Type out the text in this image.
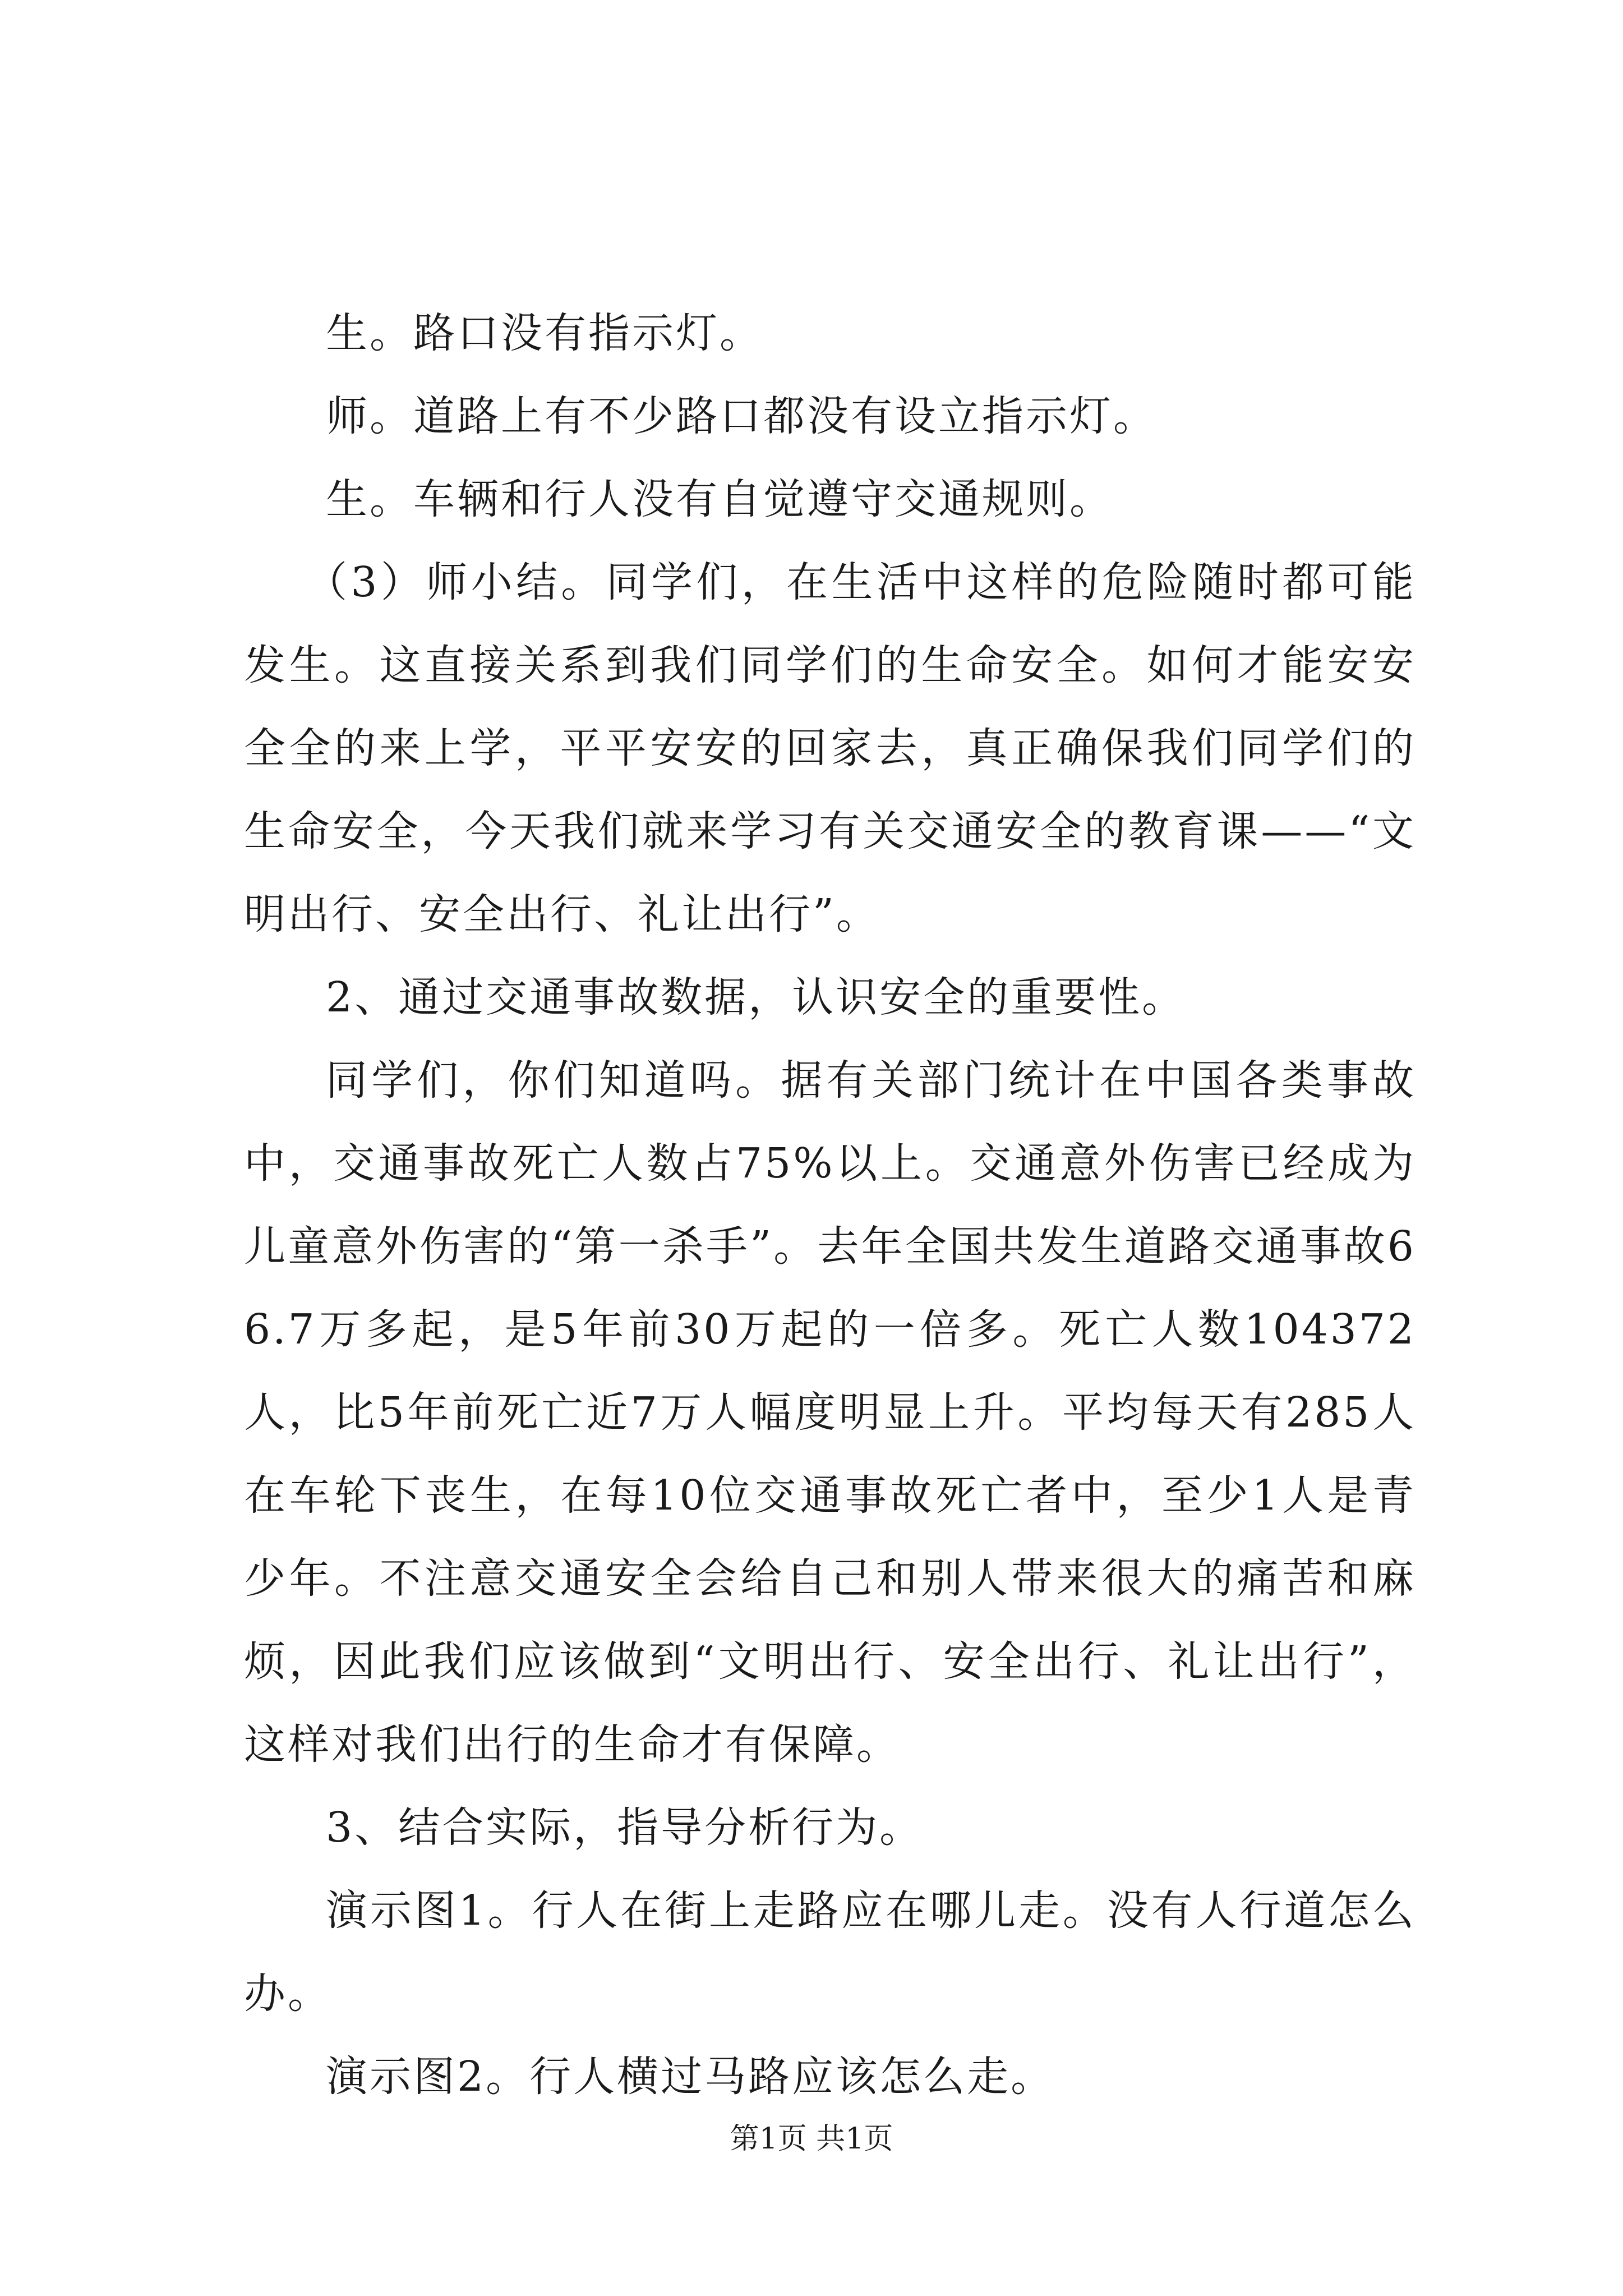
生。路口没有指示灯。

师。道路上有不少路口都没有设立指示灯。

生。车辆和行人没有自觉遵守交通规则。

（3）师小结。同学们，在生活中这样的危险随时都可能发生。这直接关系到我们同学们的生命安全。如何才能安安全全的来上学，平平安安的回家去，真正确保我们同学们的生命安全，今天我们就来学习有关交通安全的教育课——“文明出行、安全出行、礼让出行”。

2、通过交通事故数据，认识安全的重要性。

同学们，你们知道吗。据有关部门统计在中国各类事故中，交通事故死亡人数占75%以上。交通意外伤害已经成为儿童意外伤害的“第一杀手”。去年全国共发生道路交通事故66.7万多起，是5年前30万起的一倍多。死亡人数104372人，比5年前死亡近7万人幅度明显上升。平均每天有285人在车轮下丧生，在每10位交通事故死亡者中，至少1人是青少年。不注意交通安全会给自己和别人带来很大的痛苦和麻烦，因此我们应该做到“文明出行、安全出行、礼让出行”，这样对我们出行的生命才有保障。

3、结合实际，指导分析行为。

演示图1。行人在街上走路应在哪儿走。没有人行道怎么办。

演示图2。行人横过马路应该怎么走。

第1页 共1页
